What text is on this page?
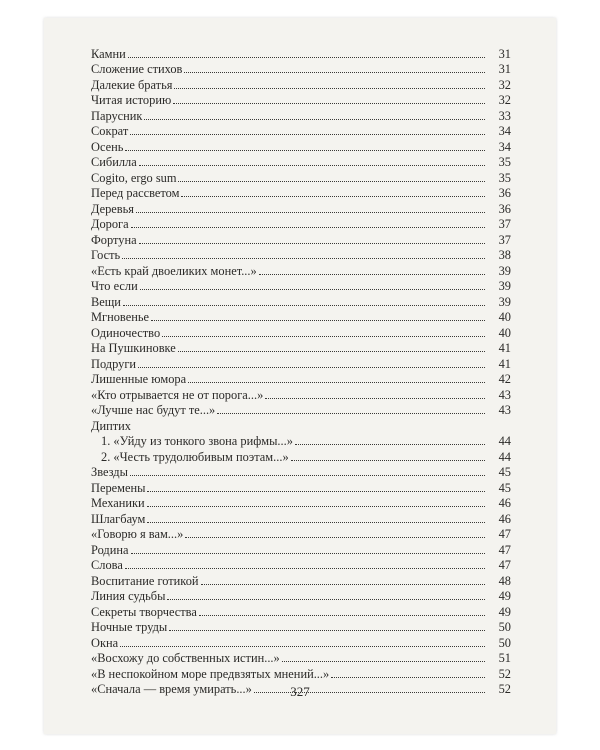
Камни	31
Сложение стихов	31
Далекие братья	32
Читая историю	32
Парусник	33
Сократ	34
Осень	34
Сибилла	35
Cogito, ergo sum	35
Перед рассветом	36
Деревья	36
Дорога	37
Фортуна	37
Гость	38
«Есть край двоеликих монет...»	39
Что если	39
Вещи	39
Мгновенье	40
Одиночество	40
На Пушкиновке	41
Подруги	41
Лишенные юмора	42
«Кто отрывается не от порога...»	43
«Лучше нас будут те...»	43
Диптих
1. «Уйду из тонкого звона рифмы...»	44
2. «Честь трудолюбивым поэтам...»	44
Звезды	45
Перемены	45
Механики	46
Шлагбаум	46
«Говорю я вам...»	47
Родина	47
Слова	47
Воспитание готикой	48
Линия судьбы	49
Секреты творчества	49
Ночные труды	50
Окна	50
«Восхожу до собственных истин...»	51
«В неспокойном море предвзятых мнений...»	52
«Сначала — время умирать...»	52
327
